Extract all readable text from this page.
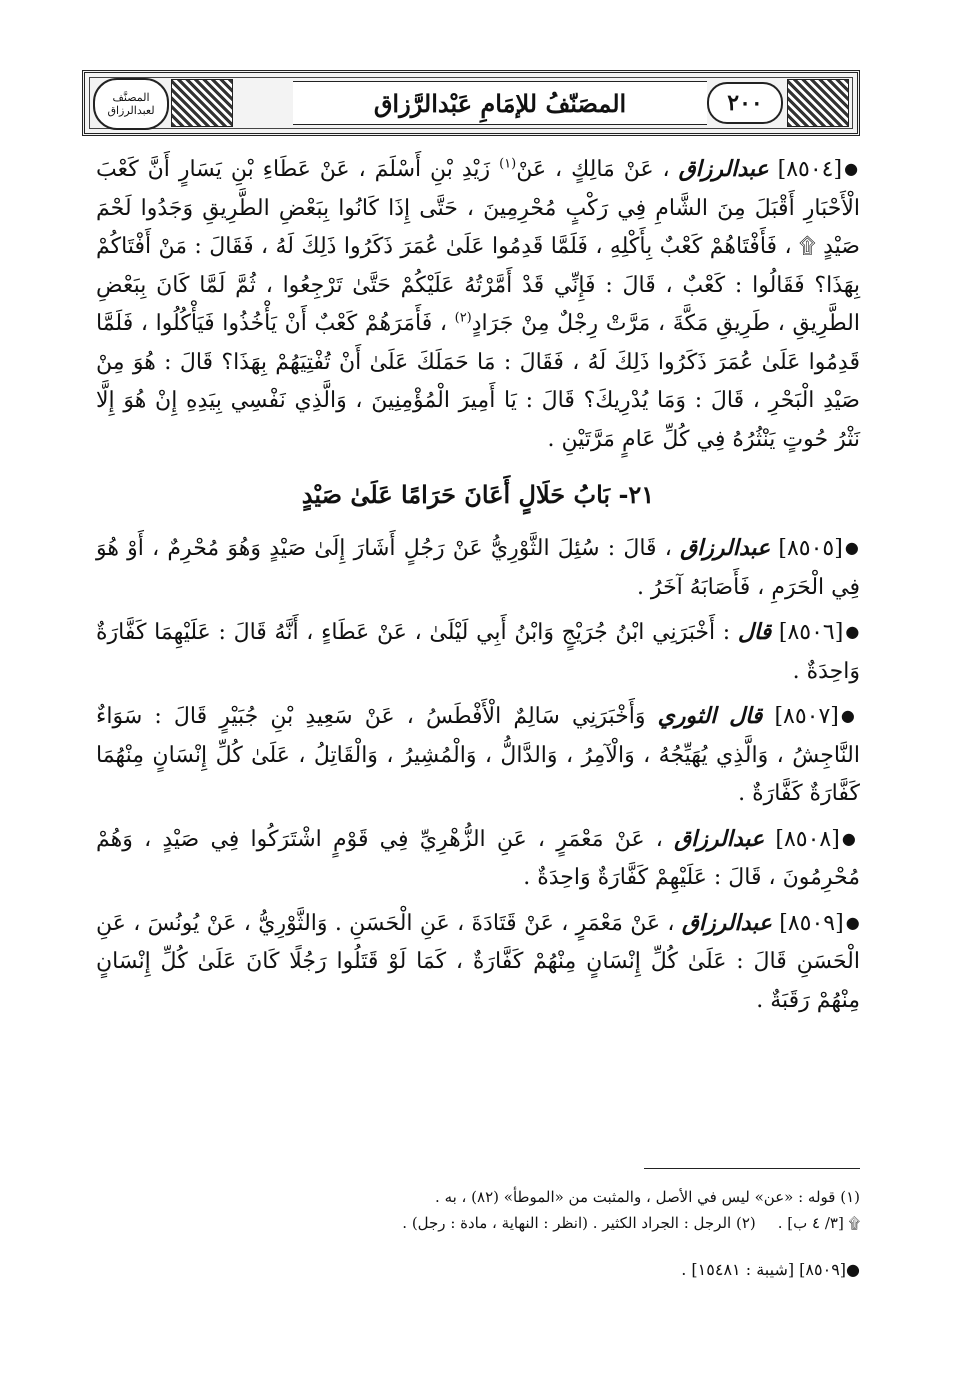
المصنَّف
لعبدالرزاق	المصَنّفُ للإمَامِ عَبْدالرَّزاق	٢٠٠

●[٨٥٠٤] عبدالرزاق ، عَنْ مَالِكٍ ، عَنْ$^{(١)}$ زَيْدِ بْنِ أَسْلَمَ ، عَنْ عَطَاءِ بْنِ يَسَارٍ أَنَّ كَعْبَ الْأَحْبَارِ أَقْبَلَ مِنَ الشَّامِ فِي رَكْبٍ مُحْرِمِينَ ، حَتَّى إِذَا كَانُوا بِبَعْضِ الطَّرِيقِ وَجَدُوا لَحْمَ صَيْدٍ ۩ ، فَأَفْتَاهُمْ كَعْبٌ بِأَكْلِهِ ، فَلَمَّا قَدِمُوا عَلَىٰ عُمَرَ ذَكَرُوا ذَلِكَ لَهُ ، فَقَالَ : مَنْ أَفْتَاكُمْ بِهَذَا؟ فَقَالُوا : كَعْبٌ ، قَالَ : فَإِنِّي قَدْ أَمَّرْتُهُ عَلَيْكُمْ حَتَّىٰ تَرْجِعُوا ، ثُمَّ لَمَّا كَانَ بِبَعْضِ الطَّرِيقِ ، طَرِيقِ مَكَّةَ ، مَرَّتْ رِجْلٌ مِنْ جَرَادٍ$^{(٢)}$ ، فَأَمَرَهُمْ كَعْبٌ أَنْ يَأْخُذُوا فَيَأْكُلُوا ، فَلَمَّا قَدِمُوا عَلَىٰ عُمَرَ ذَكَرُوا ذَلِكَ لَهُ ، فَقَالَ : مَا حَمَلَكَ عَلَىٰ أَنْ تُفْتِيَهُمْ بِهَذَا؟ قَالَ : هُوَ مِنْ صَيْدِ الْبَحْرِ ، قَالَ : وَمَا يُدْرِيكَ؟ قَالَ : يَا أَمِيرَ الْمُؤْمِنِينَ ، وَالَّذِي نَفْسِي بِيَدِهِ إِنْ هُوَ إِلَّا نَثْرُ حُوتٍ يَنْثُرُهُ فِي كُلِّ عَامٍ مَرَّتَيْنِ .

٢١- بَابُ حَلَالٍ أَعَانَ حَرَامًا عَلَىٰ صَيْدٍ

●[٨٥٠٥] عبدالرزاق ، قَالَ : سُئِلَ الثَّوْرِيُّ عَنْ رَجُلٍ أَشَارَ إِلَىٰ صَيْدٍ وَهُوَ مُحْرِمٌ ، أَوْ هُوَ فِي الْحَرَمِ ، فَأَصَابَهُ آخَرُ .

●[٨٥٠٦] قال : أَخْبَرَنِي ابْنُ جُرَيْجٍ وَابْنُ أَبِي لَيْلَىٰ ، عَنْ عَطَاءٍ ، أَنَّهُ قَالَ : عَلَيْهِمَا كَفَّارَةٌ وَاحِدَةٌ .

●[٨٥٠٧] قال الثوري وَأَخْبَرَنِي سَالِمٌ الْأَفْطَسُ ، عَنْ سَعِيدِ بْنِ جُبَيْرٍ قَالَ : سَوَاءٌ النَّاجِشُ ، وَالَّذِي يُهَيِّجُهُ ، وَالْآمِرُ ، وَالدَّالُّ ، وَالْمُشِيرُ ، وَالْقَاتِلُ ، عَلَىٰ كُلِّ إِنْسَانٍ مِنْهُمَا كَفَّارَةٌ كَفَّارَةٌ .

●[٨٥٠٨] عبدالرزاق ، عَنْ مَعْمَرٍ ، عَنِ الزُّهْرِيِّ فِي قَوْمٍ اشْتَرَكُوا فِي صَيْدٍ ، وَهُمْ مُحْرِمُونَ ، قَالَ : عَلَيْهِمْ كَفَّارَةٌ وَاحِدَةٌ .

●[٨٥٠٩] عبدالرزاق ، عَنْ مَعْمَرٍ ، عَنْ قَتَادَةَ ، عَنِ الْحَسَنِ . وَالثَّوْرِيُّ ، عَنْ يُونُسَ ، عَنِ الْحَسَنِ قَالَ : عَلَىٰ كُلِّ إِنْسَانٍ مِنْهُمْ كَفَّارَةٌ ، كَمَا لَوْ قَتَلُوا رَجُلًا كَانَ عَلَىٰ كُلِّ إِنْسَانٍ مِنْهُمْ رَقَبَةٌ .

(١) قوله : «عن» ليس في الأصل ، والمثبت من «الموطأ» (٨٢) ، به .
۩ [٣/ ٤ ب] .
(٢) الرجل : الجراد الكثير . (انظر : النهاية ، مادة : رجل) .
●[٨٥٠٩] [شيبة : ١٥٤٨١] .
